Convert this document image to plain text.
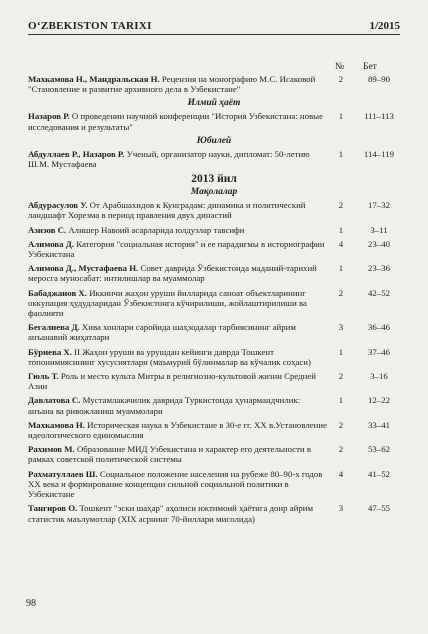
O‘ZBEKISTON TARIXI	1/2015
№ Бет
Махкамова Н., Мандральская Н. Рецензия на монографию М.С. Исаковой "Становление и развитие архивного дела в Узбекистане"
2	89–90
Илмий ҳаёт
Назаров Р. О проведении научной конференции "История Узбекистана: новые исследования и результаты"
1	111–113
Юбилей
Абдуллаев Р., Назаров Р. Ученый, организатор науки, дипломат: 50-летию Ш.М. Мустафаева
1	114–119
2013 йил
Мақолалар
Абдурасулов У. От Арабшахидов к Кунградам: динамика и политический ландшафт Хорезма в период правления двух династий
2	17–32
Азизов С. Алишер Навоий асарларида юлдузлар тавсифи	1	3–11
Алимова Д. Категория "социальная история" и ее парадигмы в историографии Узбекистана
4	23–40
Алимова Д., Мустафаева Н. Совет даврида Ўзбекистонда маданий-тарихий меросга муносабат: интилишлар ва муаммолар
1	23–36
Бабаджанов Х. Иккинчи жаҳон уруши йилларида саноат объектларининг оккупация ҳудудларидан Ўзбекистонга кўчирилиши, жойлаштирилиши ва фаолияти
2	42–52
Бегалиева Д. Хива хонлари саройида шаҳзодалар тарбиясининг айрим анъанавий жиҳатлари
3	36–46
Бўриева Х. II Жаҳон уруши ва урушдан кейинги даврда Тошкент топонимиясининг хусусиятлари (маъмурий бўлинмалар ва кўчалик соҳаси)
1	37–46
Гюль Т. Роль и место культа Митры в религиозно-культовой жизни Средней Азии
2	3–16
Давлатова С. Мустамлакачилик даврида Туркистонда ҳунармандчилик: анъана ва ривожланиш муаммолари
1	12–22
Махкамова Н. Историческая наука в Узбекистане в 30-е гг. XX в.Установление идеологического единомыслия
2	33–41
Рахимов М. Образование МИД Узбекистана и характер его деятельности в рамках советской политической системы
2	53–62
Рахматуллаев Ш. Социальное положение населения на рубеже 80–90-х годов XX века и формирование концепции сильной социальной политики в Узбекистане
4	41–52
Тангиров О. Тошкент "эски шаҳар" аҳолиси ижтимоий ҳаётига доир айрим статистик маълумотлар (XIX асрнинг 70-йиллари мисолида)
3	47–55
98
